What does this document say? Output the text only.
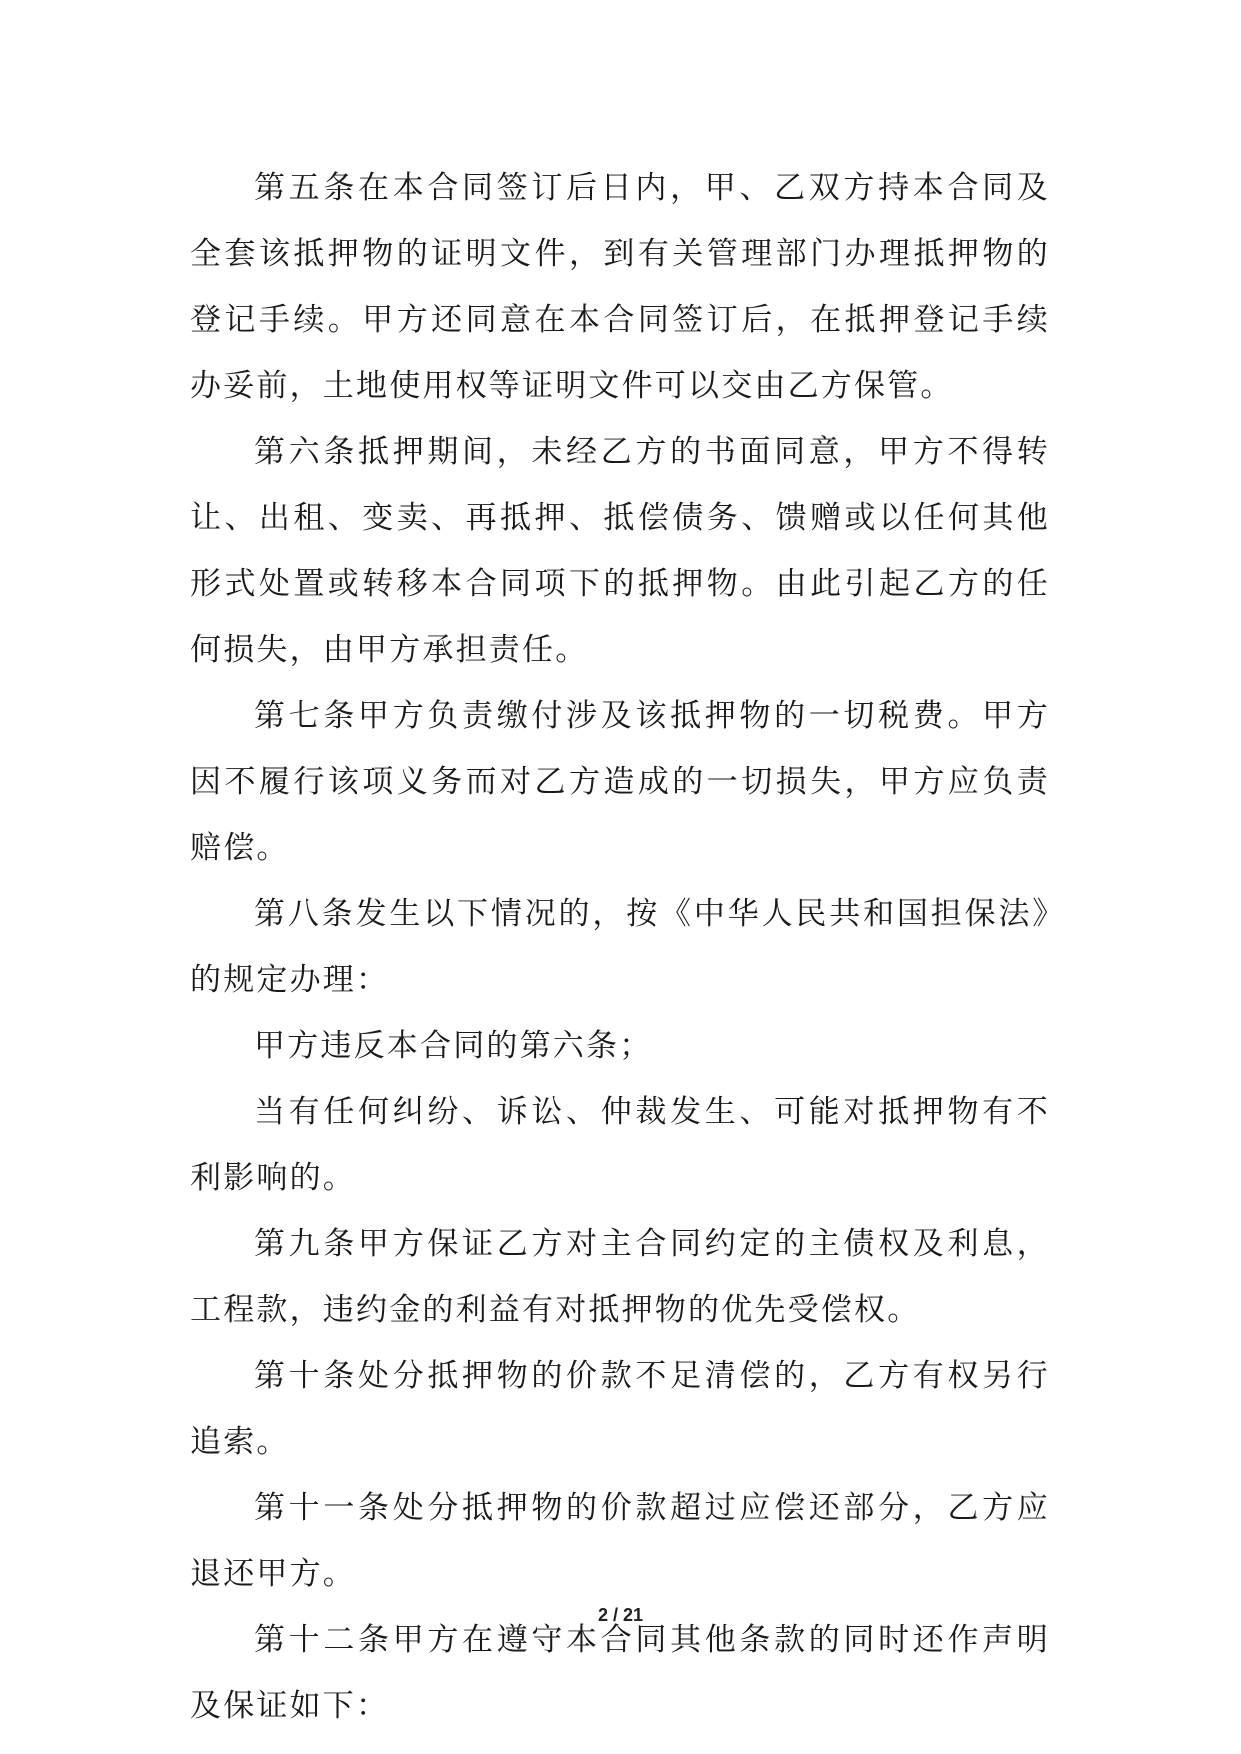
第五条在本合同签订后日内，甲、乙双方持本合同及全套该抵押物的证明文件，到有关管理部门办理抵押物的登记手续。甲方还同意在本合同签订后，在抵押登记手续办妥前，土地使用权等证明文件可以交由乙方保管。

第六条抵押期间，未经乙方的书面同意，甲方不得转让、出租、变卖、再抵押、抵偿债务、馈赠或以任何其他形式处置或转移本合同项下的抵押物。由此引起乙方的任何损失，由甲方承担责任。

第七条甲方负责缴付涉及该抵押物的一切税费。甲方因不履行该项义务而对乙方造成的一切损失，甲方应负责赔偿。

第八条发生以下情况的，按《中华人民共和国担保法》的规定办理：

甲方违反本合同的第六条；

当有任何纠纷、诉讼、仲裁发生、可能对抵押物有不利影响的。

第九条甲方保证乙方对主合同约定的主债权及利息，工程款，违约金的利益有对抵押物的优先受偿权。

第十条处分抵押物的价款不足清偿的，乙方有权另行追索。

第十一条处分抵押物的价款超过应偿还部分，乙方应退还甲方。

第十二条甲方在遵守本合同其他条款的同时还作声明及保证如下：

2 / 21
